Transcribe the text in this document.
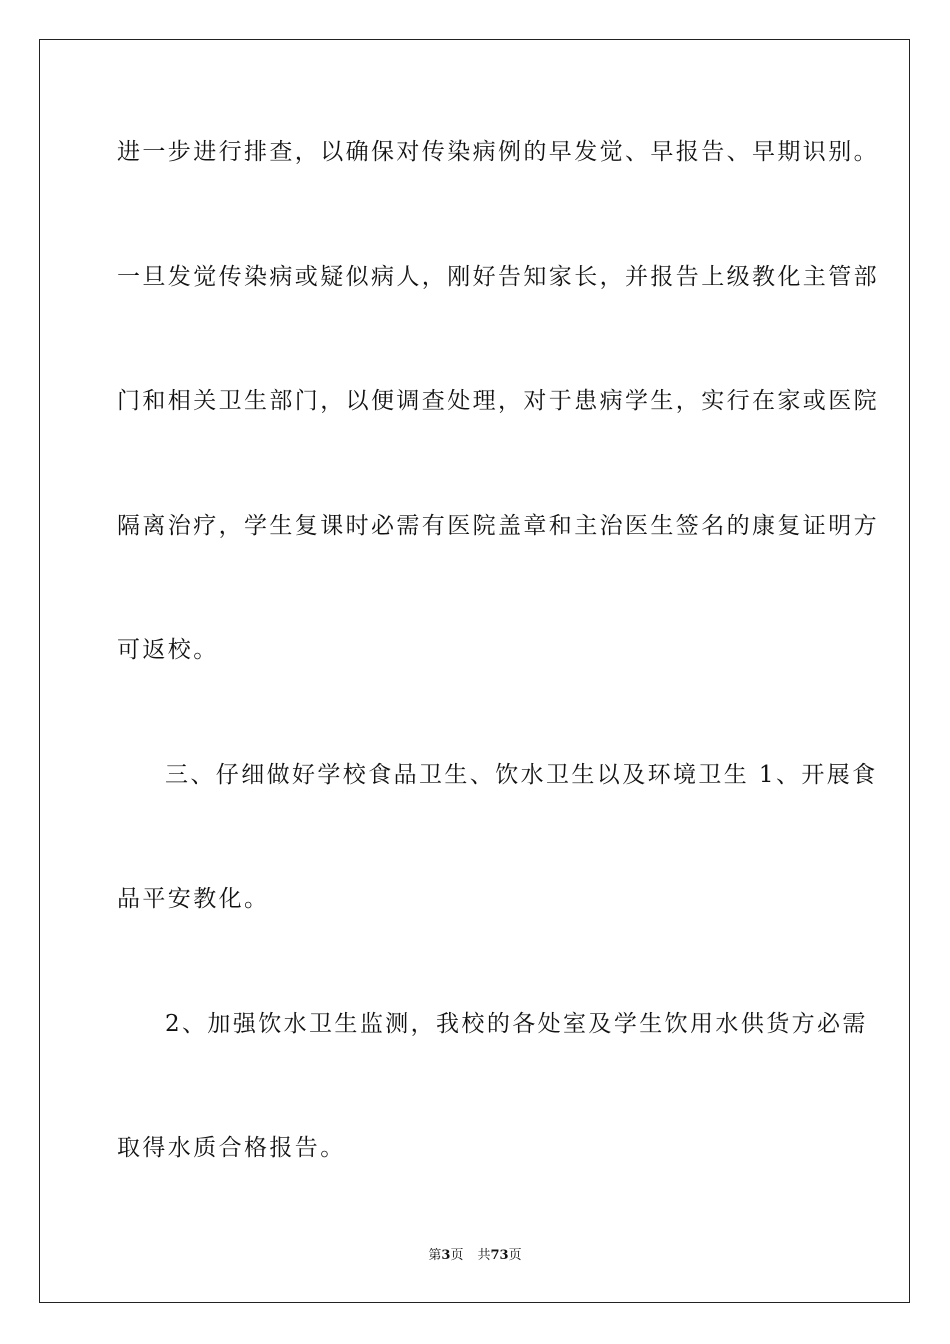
进一步进行排查，以确保对传染病例的早发觉、早报告、早期识别。
一旦发觉传染病或疑似病人，刚好告知家长，并报告上级教化主管部
门和相关卫生部门，以便调查处理，对于患病学生，实行在家或医院
隔离治疗，学生复课时必需有医院盖章和主治医生签名的康复证明方
可返校。
三、仔细做好学校食品卫生、饮水卫生以及环境卫生 1、开展食
品平安教化。
2、加强饮水卫生监测，我校的各处室及学生饮用水供货方必需
取得水质合格报告。
第3页 共73页
